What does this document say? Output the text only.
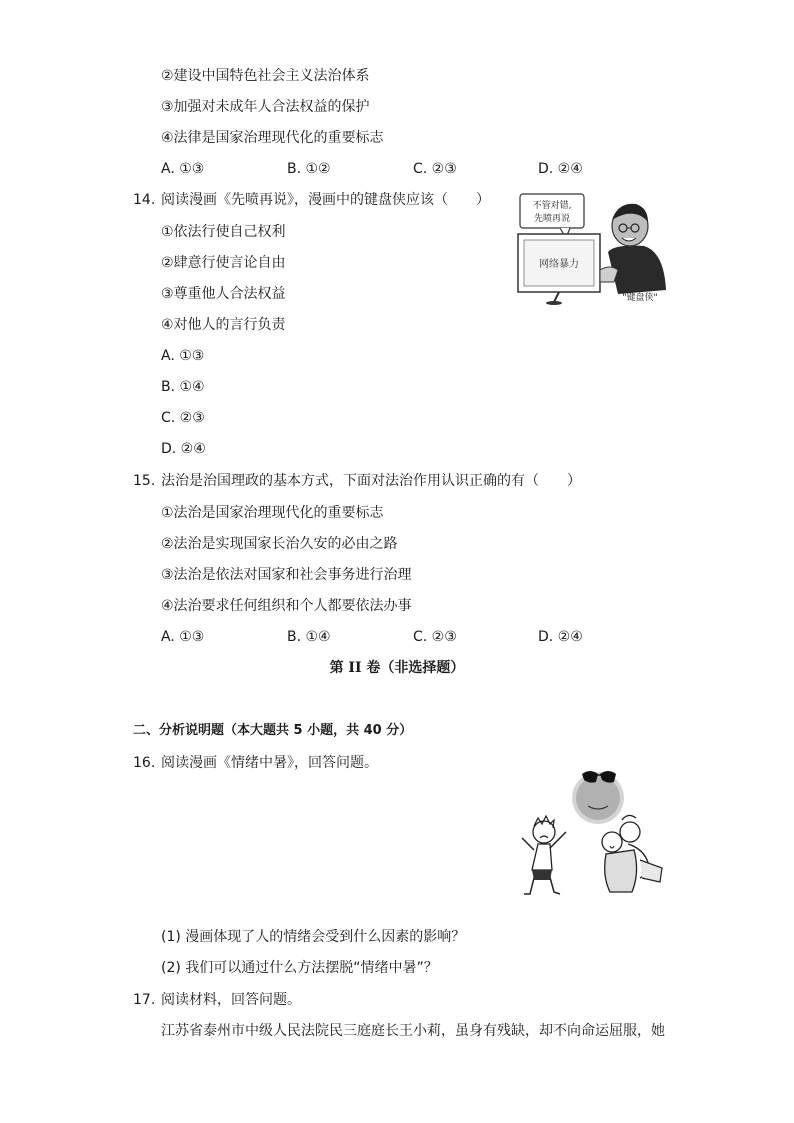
②建设中国特色社会主义法治体系
③加强对未成年人合法权益的保护
④法律是国家治理现代化的重要标志
A. ①③	B. ①②	C. ②③	D. ②④
14. 阅读漫画《先喷再说》，漫画中的键盘侠应该（　　）
①依法行使自己权利
②肆意行使言论自由
③尊重他人合法权益
④对他人的言行负责
A. ①③
B. ①④
C. ②③
D. ②④
不管对错,
先喷再说
网络暴力
"键盘侠"
15. 法治是治国理政的基本方式，下面对法治作用认识正确的有（　　）
①法治是国家治理现代化的重要标志
②法治是实现国家长治久安的必由之路
③法治是依法对国家和社会事务进行治理
④法治要求任何组织和个人都要依法办事
A. ①③	B. ①④	C. ②③	D. ②④
第 II 卷（非选择题）
二、分析说明题（本大题共 5 小题，共 40 分）
16. 阅读漫画《情绪中暑》，回答问题。
(1) 漫画体现了人的情绪会受到什么因素的影响？
(2) 我们可以通过什么方法摆脱“情绪中暑”？
17. 阅读材料，回答问题。
江苏省泰州市中级人民法院民三庭庭长王小莉，虽身有残缺，却不向命运屈服，她
